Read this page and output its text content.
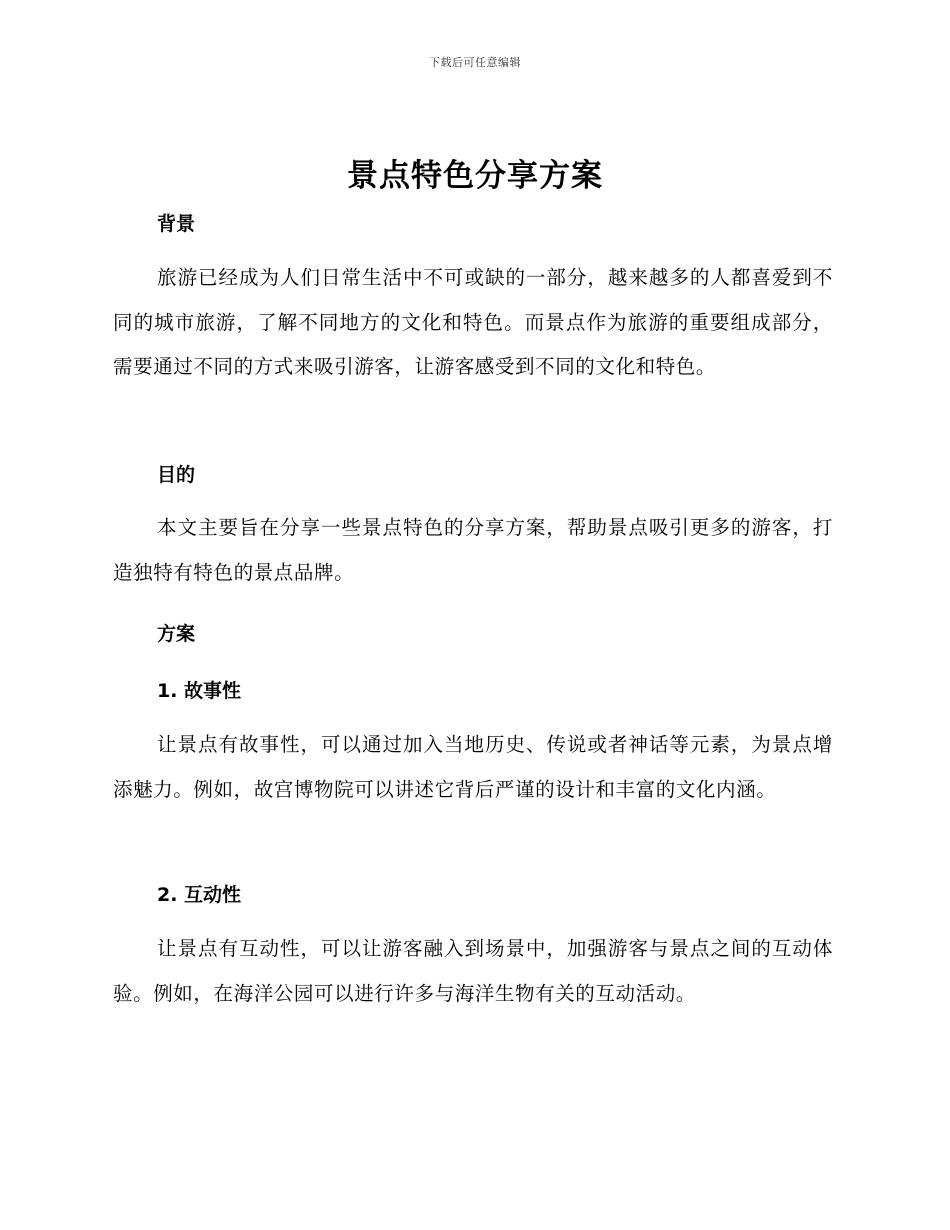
下载后可任意编辑
景点特色分享方案
背景

旅游已经成为人们日常生活中不可或缺的一部分，越来越多的人都喜爱到不同的城市旅游，了解不同地方的文化和特色。而景点作为旅游的重要组成部分，需要通过不同的方式来吸引游客，让游客感受到不同的文化和特色。

目的

本文主要旨在分享一些景点特色的分享方案，帮助景点吸引更多的游客，打造独特有特色的景点品牌。

方案
1. 故事性

让景点有故事性，可以通过加入当地历史、传说或者神话等元素，为景点增添魅力。例如，故宫博物院可以讲述它背后严谨的设计和丰富的文化内涵。

2. 互动性

让景点有互动性，可以让游客融入到场景中，加强游客与景点之间的互动体验。例如，在海洋公园可以进行许多与海洋生物有关的互动活动。
